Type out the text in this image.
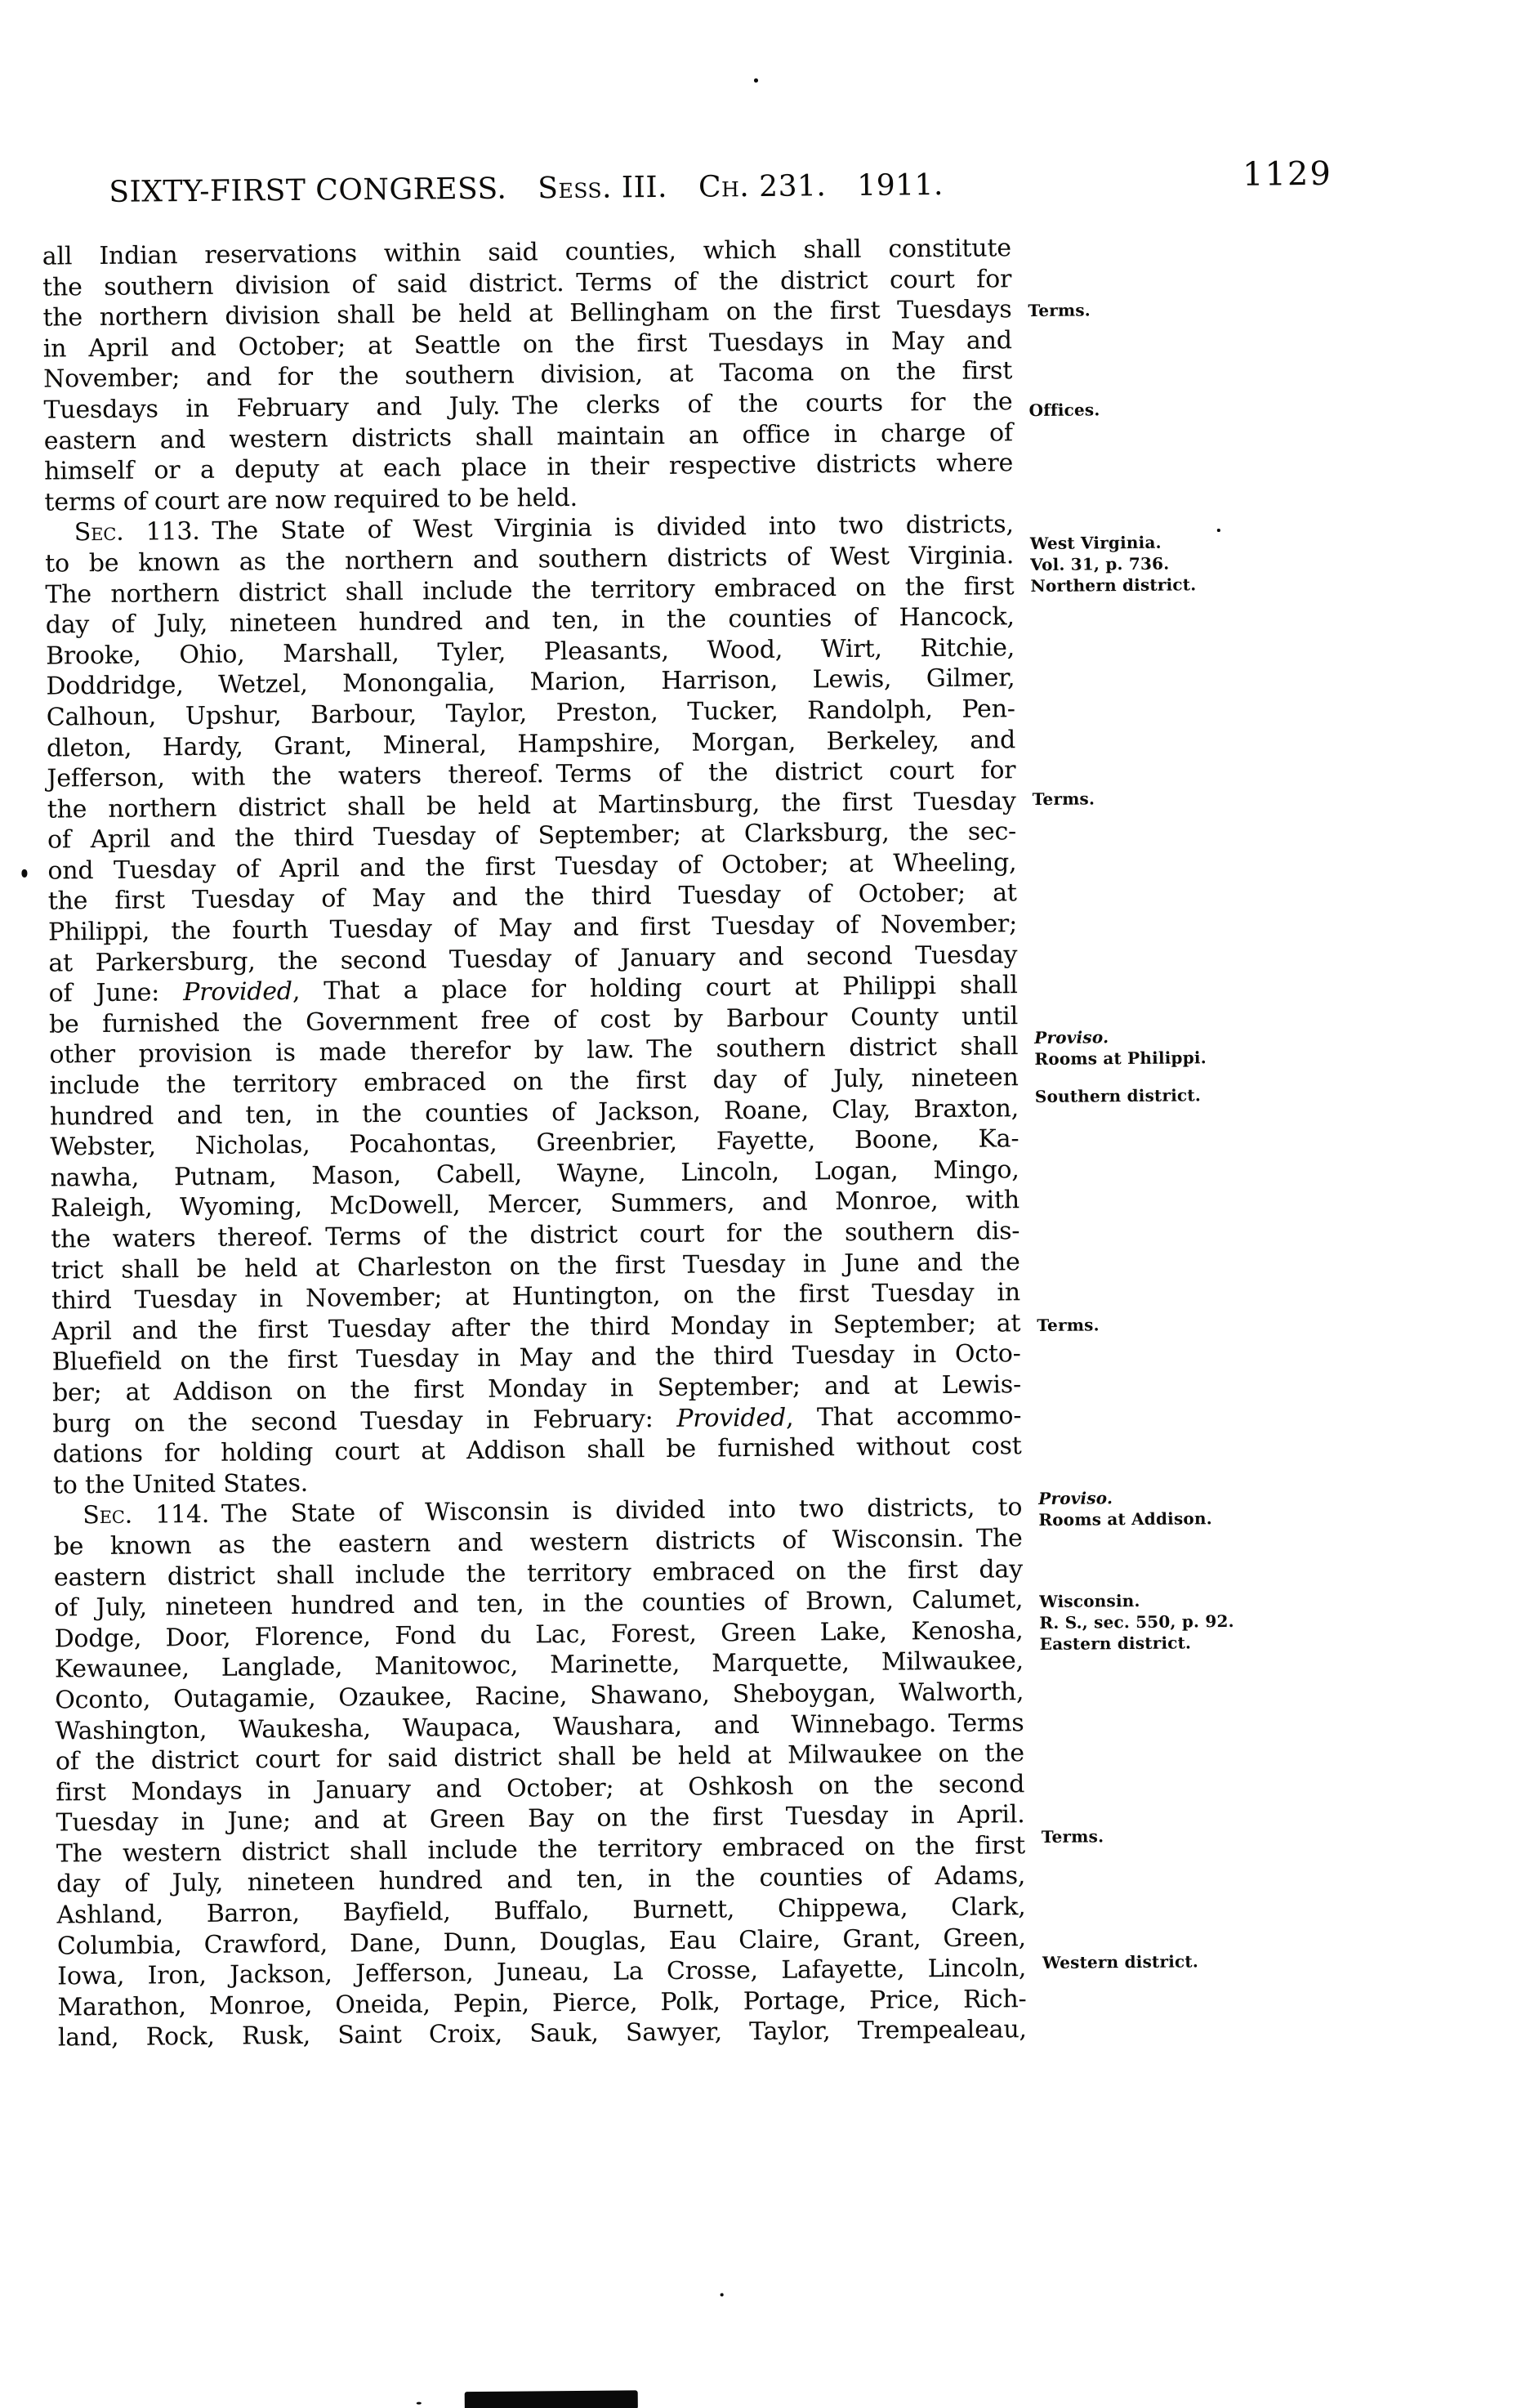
SIXTY-FIRST CONGRESS. Sess. III. Ch. 231. 1911.	1129
all Indian reservations within said counties, which shall constitute
the southern division of said district. Terms of the district court for
the northern division shall be held at Bellingham on the first Tuesdays
in April and October; at Seattle on the first Tuesdays in May and
November; and for the southern division, at Tacoma on the first
Tuesdays in February and July. The clerks of the courts for the
eastern and western districts shall maintain an office in charge of
himself or a deputy at each place in their respective districts where
terms of court are now required to be held.
Sec. 113. The State of West Virginia is divided into two districts,
to be known as the northern and southern districts of West Virginia.
The northern district shall include the territory embraced on the first
day of July, nineteen hundred and ten, in the counties of Hancock,
Brooke, Ohio, Marshall, Tyler, Pleasants, Wood, Wirt, Ritchie,
Doddridge, Wetzel, Monongalia, Marion, Harrison, Lewis, Gilmer,
Calhoun, Upshur, Barbour, Taylor, Preston, Tucker, Randolph, Pen-
dleton, Hardy, Grant, Mineral, Hampshire, Morgan, Berkeley, and
Jefferson, with the waters thereof. Terms of the district court for
the northern district shall be held at Martinsburg, the first Tuesday
of April and the third Tuesday of September; at Clarksburg, the sec-
ond Tuesday of April and the first Tuesday of October; at Wheeling,
the first Tuesday of May and the third Tuesday of October; at
Philippi, the fourth Tuesday of May and first Tuesday of November;
at Parkersburg, the second Tuesday of January and second Tuesday
of June: Provided, That a place for holding court at Philippi shall
be furnished the Government free of cost by Barbour County until
other provision is made therefor by law. The southern district shall
include the territory embraced on the first day of July, nineteen
hundred and ten, in the counties of Jackson, Roane, Clay, Braxton,
Webster, Nicholas, Pocahontas, Greenbrier, Fayette, Boone, Ka-
nawha, Putnam, Mason, Cabell, Wayne, Lincoln, Logan, Mingo,
Raleigh, Wyoming, McDowell, Mercer, Summers, and Monroe, with
the waters thereof. Terms of the district court for the southern dis-
trict shall be held at Charleston on the first Tuesday in June and the
third Tuesday in November; at Huntington, on the first Tuesday in
April and the first Tuesday after the third Monday in September; at
Bluefield on the first Tuesday in May and the third Tuesday in Octo-
ber; at Addison on the first Monday in September; and at Lewis-
burg on the second Tuesday in February: Provided, That accommo-
dations for holding court at Addison shall be furnished without cost
to the United States.
Sec. 114. The State of Wisconsin is divided into two districts, to
be known as the eastern and western districts of Wisconsin. The
eastern district shall include the territory embraced on the first day
of July, nineteen hundred and ten, in the counties of Brown, Calumet,
Dodge, Door, Florence, Fond du Lac, Forest, Green Lake, Kenosha,
Kewaunee, Langlade, Manitowoc, Marinette, Marquette, Milwaukee,
Oconto, Outagamie, Ozaukee, Racine, Shawano, Sheboygan, Walworth,
Washington, Waukesha, Waupaca, Waushara, and Winnebago. Terms
of the district court for said district shall be held at Milwaukee on the
first Mondays in January and October; at Oshkosh on the second
Tuesday in June; and at Green Bay on the first Tuesday in April.
The western district shall include the territory embraced on the first
day of July, nineteen hundred and ten, in the counties of Adams,
Ashland, Barron, Bayfield, Buffalo, Burnett, Chippewa, Clark,
Columbia, Crawford, Dane, Dunn, Douglas, Eau Claire, Grant, Green,
Iowa, Iron, Jackson, Jefferson, Juneau, La Crosse, Lafayette, Lincoln,
Marathon, Monroe, Oneida, Pepin, Pierce, Polk, Portage, Price, Rich-
land, Rock, Rusk, Saint Croix, Sauk, Sawyer, Taylor, Trempealeau,
Terms.
Offices.
West Virginia.
Vol. 31, p. 736.
Northern district.
Terms.
Proviso.
Rooms at Philippi.
Southern district.
Terms.
Proviso.
Rooms at Addison.
Wisconsin.
R. S., sec. 550, p. 92.
Eastern district.
Terms.
Western district.
